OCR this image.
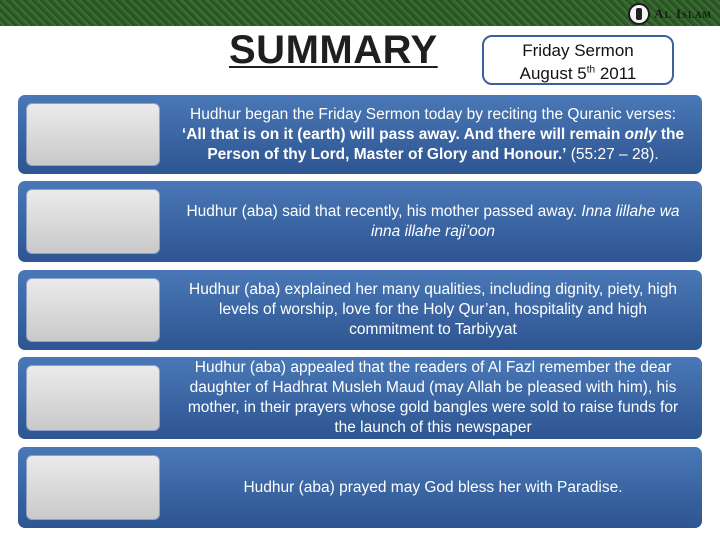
Al Islam
SUMMARY	Friday Sermon
August 5th 2011
Hudhur began the Friday Sermon today by reciting the Quranic verses: ‘All that is on it (earth) will pass away. And there will remain only the Person of thy Lord, Master of Glory and Honour.’ (55:27 – 28).
Hudhur (aba) said that recently, his mother passed away. Inna lillahe wa inna illahe raji’oon
Hudhur (aba) explained her many qualities, including dignity, piety, high levels of worship, love for the Holy Qur’an, hospitality and high commitment to Tarbiyyat
Hudhur (aba) appealed that the readers of Al Fazl remember the dear daughter of Hadhrat Musleh Maud (may Allah be pleased with him), his mother, in their prayers whose gold bangles were sold to raise funds for the launch of this newspaper
Hudhur (aba) prayed may God bless her with Paradise.
